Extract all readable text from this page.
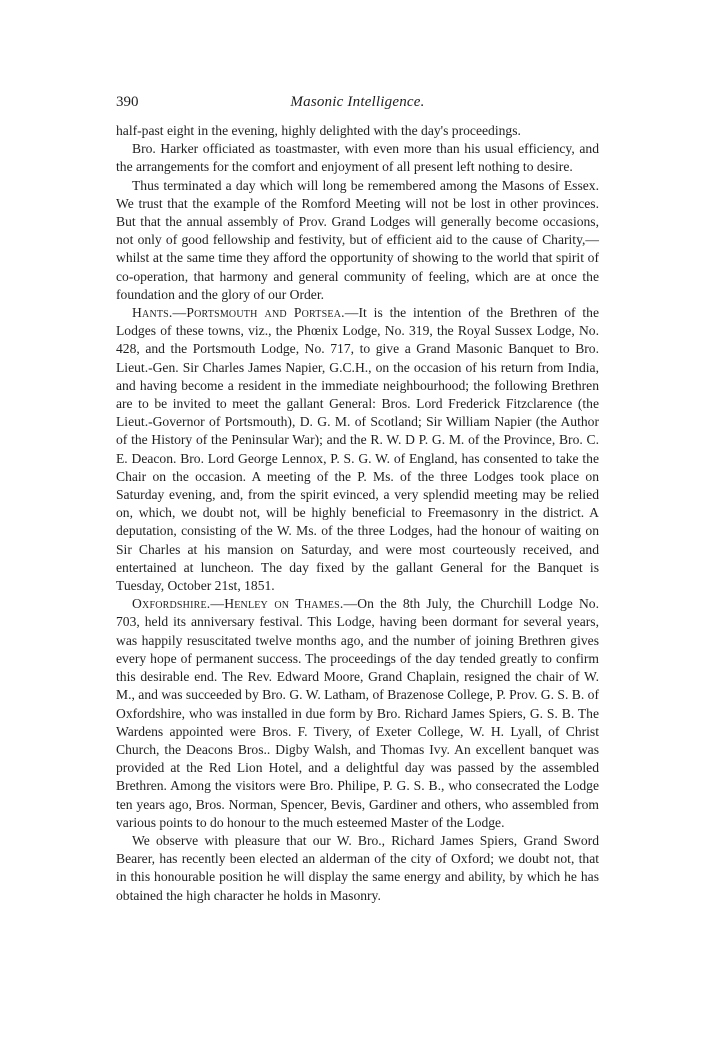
390	Masonic Intelligence.

half-past eight in the evening, highly delighted with the day's proceedings.

Bro. Harker officiated as toastmaster, with even more than his usual efficiency, and the arrangements for the comfort and enjoyment of all present left nothing to desire.

Thus terminated a day which will long be remembered among the Masons of Essex. We trust that the example of the Romford Meeting will not be lost in other provinces. But that the annual assembly of Prov. Grand Lodges will generally become occasions, not only of good fellowship and festivity, but of efficient aid to the cause of Charity,—whilst at the same time they afford the opportunity of showing to the world that spirit of co-operation, that harmony and general community of feeling, which are at once the foundation and the glory of our Order.

Hants.—Portsmouth and Portsea.—It is the intention of the Brethren of the Lodges of these towns, viz., the Phœnix Lodge, No. 319, the Royal Sussex Lodge, No. 428, and the Portsmouth Lodge, No. 717, to give a Grand Masonic Banquet to Bro. Lieut.-Gen. Sir Charles James Napier, G.C.H., on the occasion of his return from India, and having become a resident in the immediate neighbourhood; the following Brethren are to be invited to meet the gallant General: Bros. Lord Frederick Fitzclarence (the Lieut.-Governor of Portsmouth), D. G. M. of Scotland; Sir William Napier (the Author of the History of the Peninsular War); and the R. W. D P. G. M. of the Province, Bro. C. E. Deacon. Bro. Lord George Lennox, P. S. G. W. of England, has consented to take the Chair on the occasion. A meeting of the P. Ms. of the three Lodges took place on Saturday evening, and, from the spirit evinced, a very splendid meeting may be relied on, which, we doubt not, will be highly beneficial to Freemasonry in the district. A deputation, consisting of the W. Ms. of the three Lodges, had the honour of waiting on Sir Charles at his mansion on Saturday, and were most courteously received, and entertained at luncheon. The day fixed by the gallant General for the Banquet is Tuesday, October 21st, 1851.

Oxfordshire.—Henley on Thames.—On the 8th July, the Churchill Lodge No. 703, held its anniversary festival. This Lodge, having been dormant for several years, was happily resuscitated twelve months ago, and the number of joining Brethren gives every hope of permanent success. The proceedings of the day tended greatly to confirm this desirable end. The Rev. Edward Moore, Grand Chaplain, resigned the chair of W. M., and was succeeded by Bro. G. W. Latham, of Brazenose College, P. Prov. G. S. B. of Oxfordshire, who was installed in due form by Bro. Richard James Spiers, G. S. B. The Wardens appointed were Bros. F. Tivery, of Exeter College, W. H. Lyall, of Christ Church, the Deacons Bros.. Digby Walsh, and Thomas Ivy. An excellent banquet was provided at the Red Lion Hotel, and a delightful day was passed by the assembled Brethren. Among the visitors were Bro. Philipe, P. G. S. B., who consecrated the Lodge ten years ago, Bros. Norman, Spencer, Bevis, Gardiner and others, who assembled from various points to do honour to the much esteemed Master of the Lodge.

We observe with pleasure that our W. Bro., Richard James Spiers, Grand Sword Bearer, has recently been elected an alderman of the city of Oxford; we doubt not, that in this honourable position he will display the same energy and ability, by which he has obtained the high character he holds in Masonry.
